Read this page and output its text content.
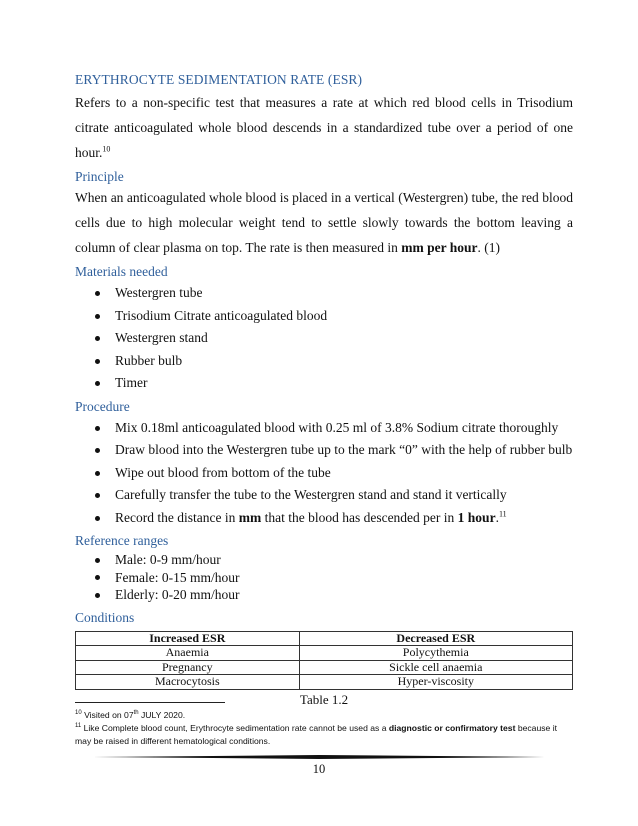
ERYTHROCYTE SEDIMENTATION RATE (ESR)

Refers to a non-specific test that measures a rate at which red blood cells in Trisodium citrate anticoagulated whole blood descends in a standardized tube over a period of one hour.$^{10}$

Principle

When an anticoagulated whole blood is placed in a vertical (Westergren) tube, the red blood cells due to high molecular weight tend to settle slowly towards the bottom leaving a column of clear plasma on top. The rate is then measured in mm per hour. (1)

Materials needed
Westergren tube
Trisodium Citrate anticoagulated blood
Westergren stand
Rubber bulb
Timer
Procedure
Mix 0.18ml anticoagulated blood with 0.25 ml of 3.8% Sodium citrate thoroughly
Draw blood into the Westergren tube up to the mark “0” with the help of rubber bulb
Wipe out blood from bottom of the tube
Carefully transfer the tube to the Westergren stand and stand it vertically
Record the distance in mm that the blood has descended per in 1 hour.$^{11}$
Reference ranges
Male: 0-9 mm/hour
Female: 0-15 mm/hour
Elderly: 0-20 mm/hour
Conditions
Increased ESR	Decreased ESR
Anaemia	Polycythemia
Pregnancy	Sickle cell anaemia
Macrocytosis	Hyper-viscosity
Table 1.2
$^{10}$ Visited on 07th JULY 2020.
$^{11}$ Like Complete blood count, Erythrocyte sedimentation rate cannot be used as a diagnostic or confirmatory test because it may be raised in different hematological conditions.
10
